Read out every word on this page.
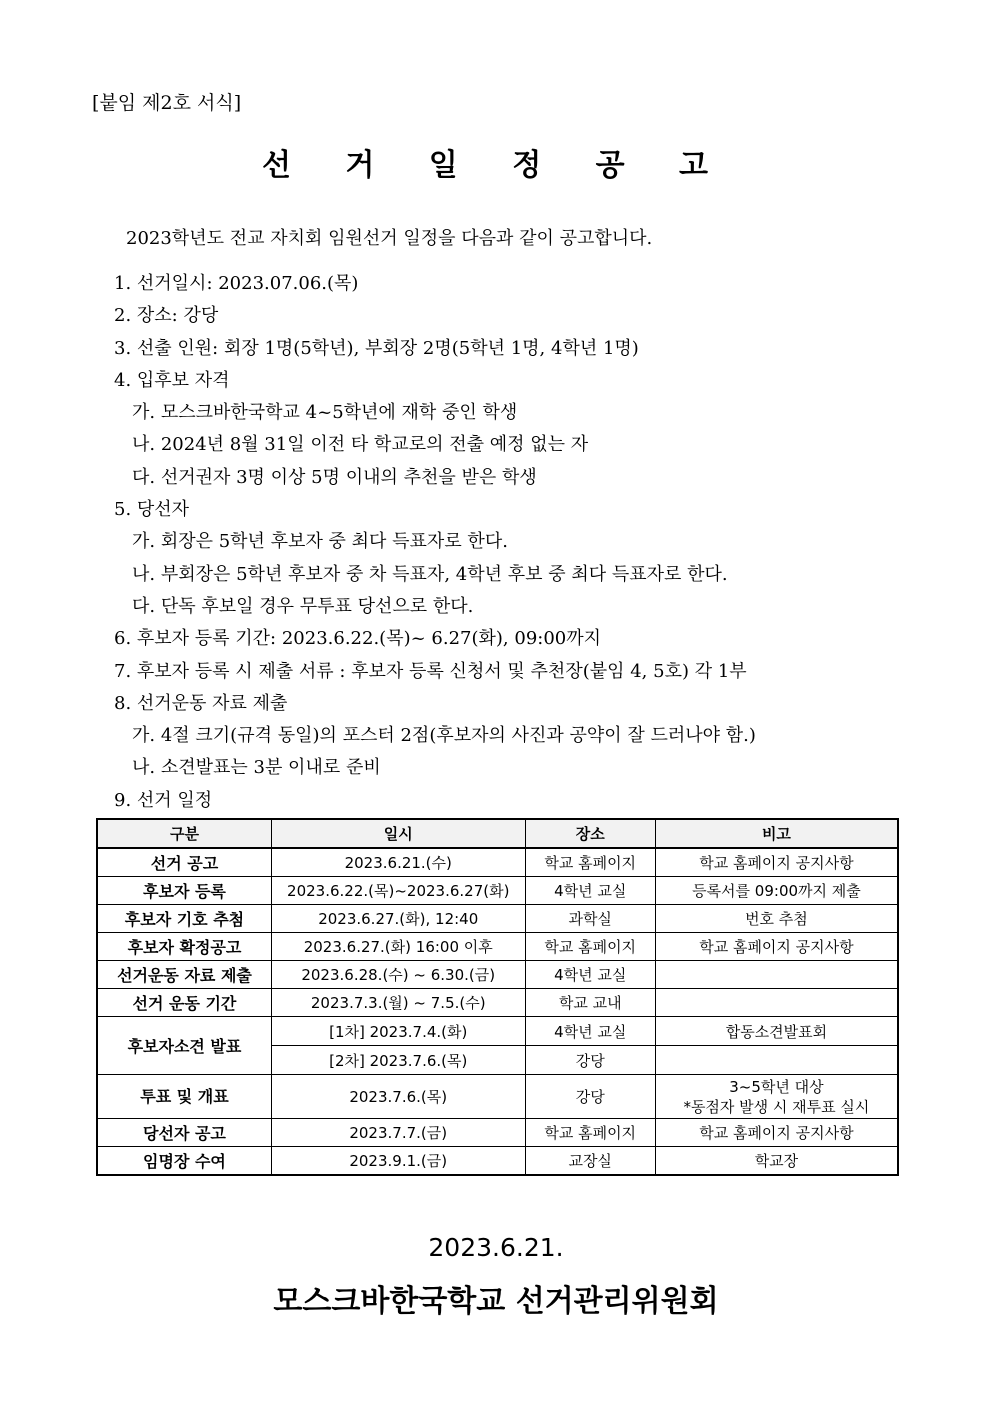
[붙임 제2호 서식]
선 거 일 정 공 고
2023학년도 전교 자치회 임원선거 일정을 다음과 같이 공고합니다.
1. 선거일시: 2023.07.06.(목)
2. 장소: 강당
3. 선출 인원: 회장 1명(5학년), 부회장 2명(5학년 1명, 4학년 1명)
4. 입후보 자격
가. 모스크바한국학교 4~5학년에 재학 중인 학생
나. 2024년 8월 31일 이전 타 학교로의 전출 예정 없는 자
다. 선거권자 3명 이상 5명 이내의 추천을 받은 학생
5. 당선자
가. 회장은 5학년 후보자 중 최다 득표자로 한다.
나. 부회장은 5학년 후보자 중 차 득표자, 4학년 후보 중 최다 득표자로 한다.
다. 단독 후보일 경우 무투표 당선으로 한다.
6. 후보자 등록 기간: 2023.6.22.(목)~ 6.27(화), 09:00까지
7. 후보자 등록 시 제출 서류 : 후보자 등록 신청서 및 추천장(붙임 4, 5호) 각 1부
8. 선거운동 자료 제출
가. 4절 크기(규격 동일)의 포스터 2점(후보자의 사진과 공약이 잘 드러나야 함.)
나. 소견발표는 3분 이내로 준비
9. 선거 일정
구분	일시	장소	비고
선거 공고	2023.6.21.(수)	학교 홈페이지	학교 홈페이지 공지사항
후보자 등록	2023.6.22.(목)~2023.6.27(화)	4학년 교실	등록서를 09:00까지 제출
후보자 기호 추첨	2023.6.27.(화), 12:40	과학실	번호 추첨
후보자 확정공고	2023.6.27.(화) 16:00 이후	학교 홈페이지	학교 홈페이지 공지사항
선거운동 자료 제출	2023.6.28.(수) ~ 6.30.(금)	4학년 교실	
선거 운동 기간	2023.7.3.(월) ~ 7.5.(수)	학교 교내	
후보자소견 발표	[1차] 2023.7.4.(화)	4학년 교실	합동소견발표회
	[2차] 2023.7.6.(목)	강당	
투표 및 개표	2023.7.6.(목)	강당	3~5학년 대상
*동점자 발생 시 재투표 실시

당선자 공고	2023.7.7.(금)	학교 홈페이지	학교 홈페이지 공지사항
임명장 수여	2023.9.1.(금)	교장실	학교장
2023.6.21.
모스크바한국학교 선거관리위원회
